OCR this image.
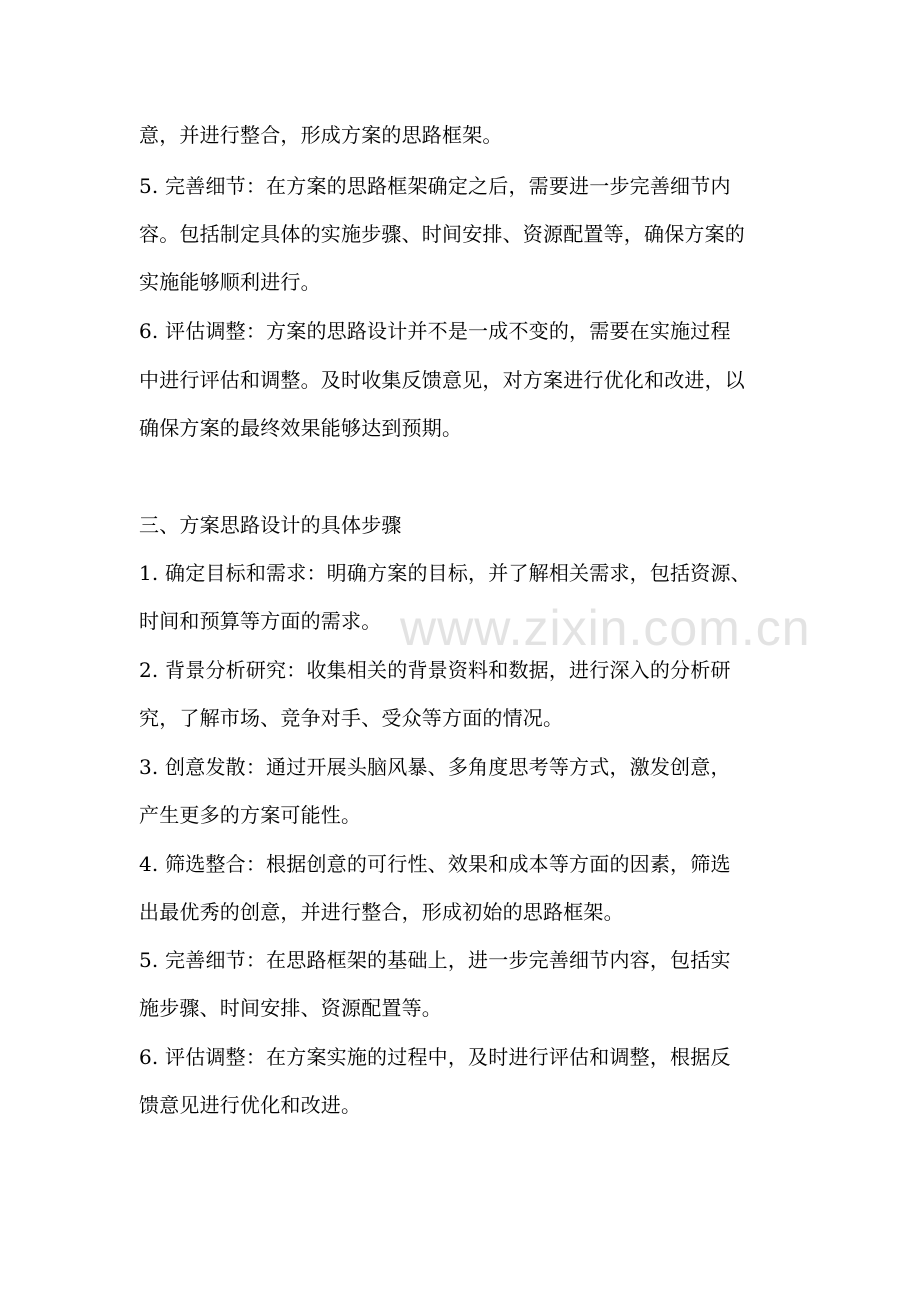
www.zixin.com.cn
意，并进行整合，形成方案的思路框架。
5. 完善细节：在方案的思路框架确定之后，需要进一步完善细节内
容。包括制定具体的实施步骤、时间安排、资源配置等，确保方案的
实施能够顺利进行。
6. 评估调整：方案的思路设计并不是一成不变的，需要在实施过程
中进行评估和调整。及时收集反馈意见，对方案进行优化和改进，以
确保方案的最终效果能够达到预期。
三、方案思路设计的具体步骤
1. 确定目标和需求：明确方案的目标，并了解相关需求，包括资源、
时间和预算等方面的需求。
2. 背景分析研究：收集相关的背景资料和数据，进行深入的分析研
究，了解市场、竞争对手、受众等方面的情况。
3. 创意发散：通过开展头脑风暴、多角度思考等方式，激发创意，
产生更多的方案可能性。
4. 筛选整合：根据创意的可行性、效果和成本等方面的因素，筛选
出最优秀的创意，并进行整合，形成初始的思路框架。
5. 完善细节：在思路框架的基础上，进一步完善细节内容，包括实
施步骤、时间安排、资源配置等。
6. 评估调整：在方案实施的过程中，及时进行评估和调整，根据反
馈意见进行优化和改进。
